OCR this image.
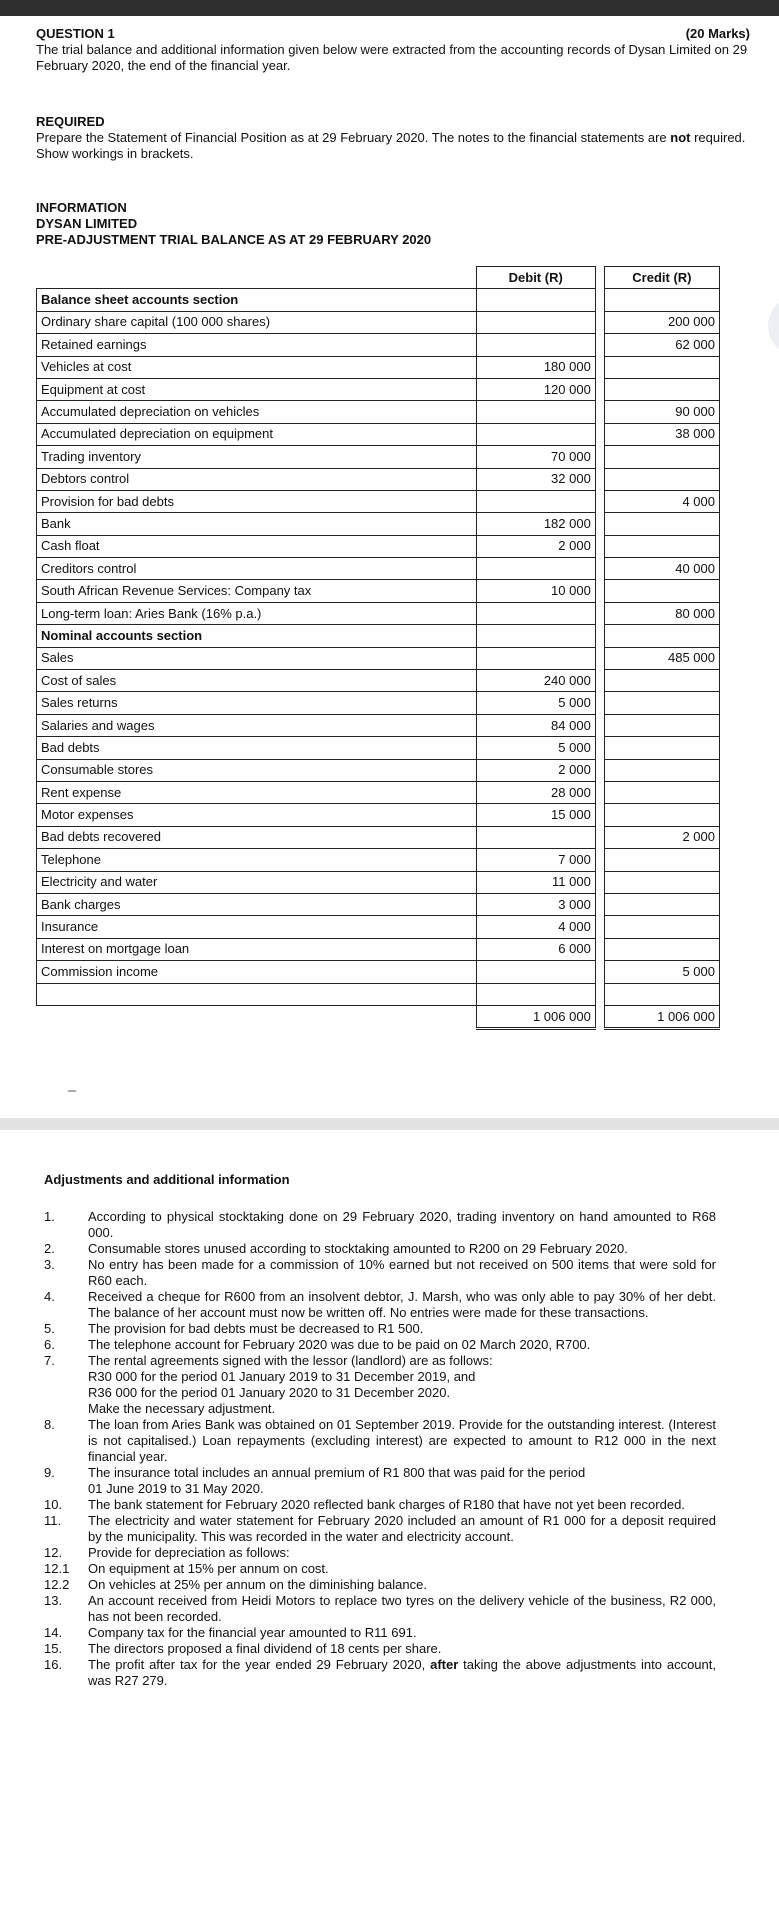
QUESTION 1	(20 Marks)

The trial balance and additional information given below were extracted from the accounting records of Dysan Limited on 29 February 2020, the end of the financial year.

REQUIRED

Prepare the Statement of Financial Position as at 29 February 2020. The notes to the financial statements are not required. Show workings in brackets.

INFORMATION

DYSAN LIMITED

PRE-ADJUSTMENT TRIAL BALANCE AS AT 29 FEBRUARY 2020

	Debit (R)		Credit (R)
Balance sheet accounts section			
Ordinary share capital (100 000 shares)			200 000
Retained earnings			62 000
Vehicles at cost	180 000		
Equipment at cost	120 000		
Accumulated depreciation on vehicles			90 000
Accumulated depreciation on equipment			38 000
Trading inventory	70 000		
Debtors control	32 000		
Provision for bad debts			4 000
Bank	182 000		
Cash float	2 000		
Creditors control			40 000
South African Revenue Services: Company tax	10 000		
Long-term loan: Aries Bank (16% p.a.)			80 000
Nominal accounts section			
Sales			485 000
Cost of sales	240 000		
Sales returns	5 000		
Salaries and wages	84 000		
Bad debts	5 000		
Consumable stores	2 000		
Rent expense	28 000		
Motor expenses	15 000		
Bad debts recovered			2 000
Telephone	7 000		
Electricity and water	11 000		
Bank charges	3 000		
Insurance	4 000		
Interest on mortgage loan	6 000		
Commission income			5 000

	1 006 000		1 006 000

Adjustments and additional information

1.	According to physical stocktaking done on 29 February 2020, trading inventory on hand amounted to R68 000.
2.	Consumable stores unused according to stocktaking amounted to R200 on 29 February 2020.
3.	No entry has been made for a commission of 10% earned but not received on 500 items that were sold for R60 each.
4.	Received a cheque for R600 from an insolvent debtor, J. Marsh, who was only able to pay 30% of her debt. The balance of her account must now be written off. No entries were made for these transactions.
5.	The provision for bad debts must be decreased to R1 500.
6.	The telephone account for February 2020 was due to be paid on 02 March 2020, R700.
7.	The rental agreements signed with the lessor (landlord) are as follows:
R30 000 for the period 01 January 2019 to 31 December 2019, and
R36 000 for the period 01 January 2020 to 31 December 2020.
Make the necessary adjustment.
8.	The loan from Aries Bank was obtained on 01 September 2019. Provide for the outstanding interest. (Interest is not capitalised.) Loan repayments (excluding interest) are expected to amount to R12 000 in the next financial year.
9.	The insurance total includes an annual premium of R1 800 that was paid for the period
01 June 2019 to 31 May 2020.
10.	The bank statement for February 2020 reflected bank charges of R180 that have not yet been recorded.
11.	The electricity and water statement for February 2020 included an amount of R1 000 for a deposit required by the municipality. This was recorded in the water and electricity account.
12.	Provide for depreciation as follows:
12.1	On equipment at 15% per annum on cost.
12.2	On vehicles at 25% per annum on the diminishing balance.
13.	An account received from Heidi Motors to replace two tyres on the delivery vehicle of the business, R2 000, has not been recorded.
14.	Company tax for the financial year amounted to R11 691.
15.	The directors proposed a final dividend of 18 cents per share.
16.	The profit after tax for the year ended 29 February 2020, after taking the above adjustments into account, was R27 279.
